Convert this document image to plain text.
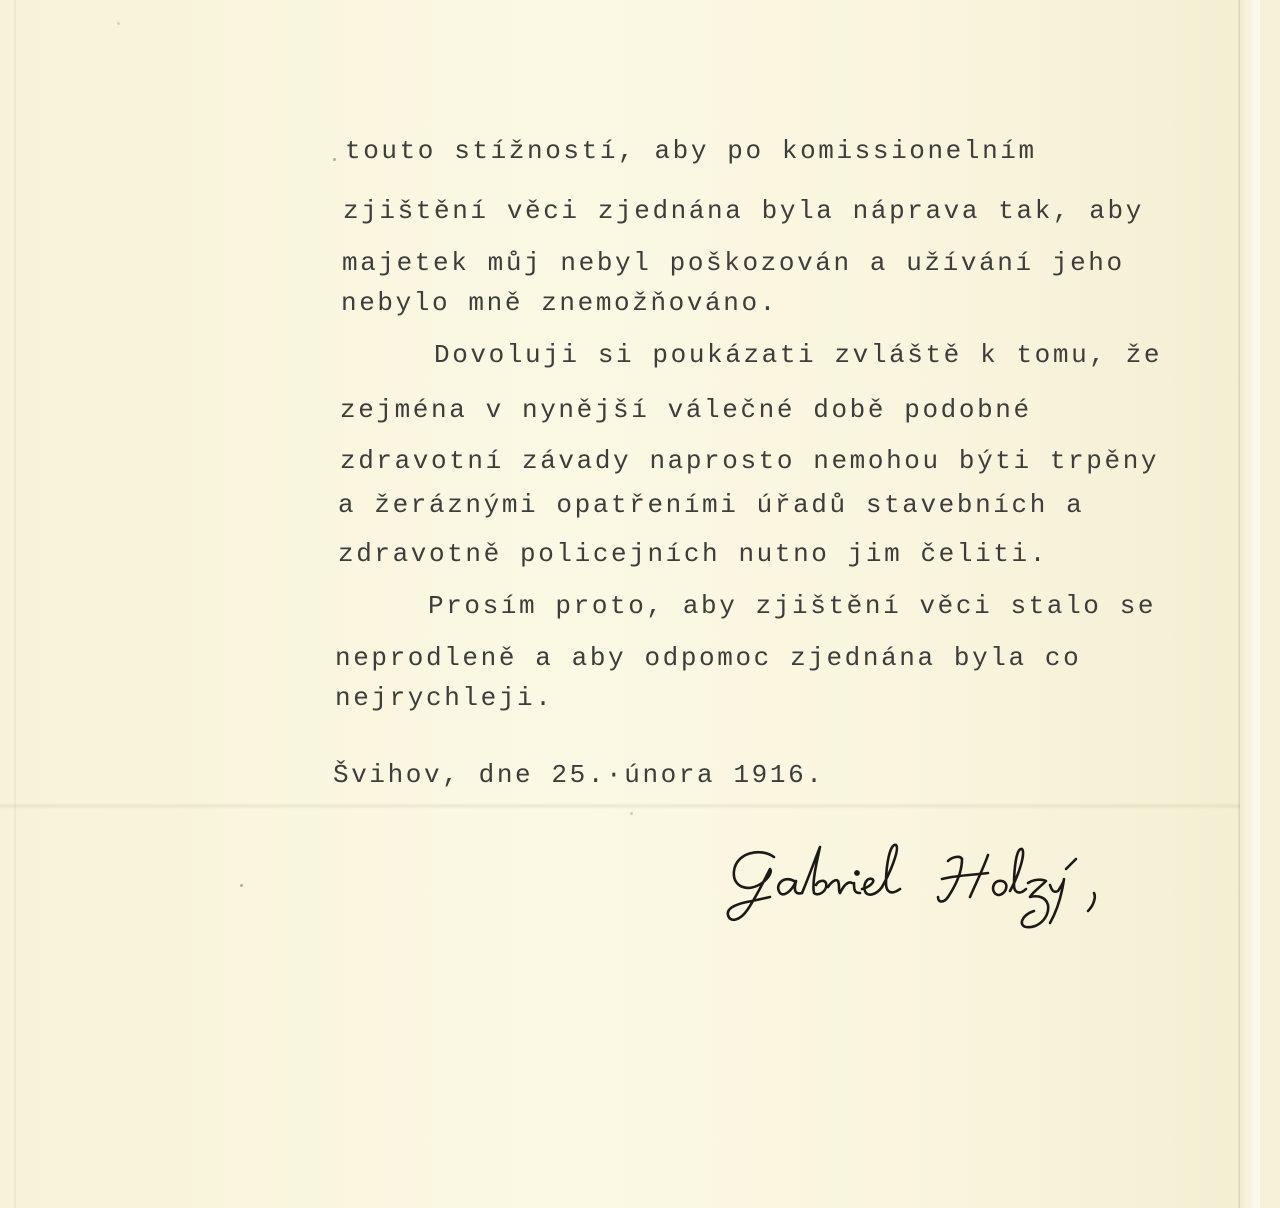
touto stížností, aby po komissionelním

zjištění věci zjednána byla náprava tak, aby

majetek můj nebyl poškozován a užívání jeho

nebylo mně znemožňováno.

Dovoluji si poukázati zvláště k tomu, že

zejména v nynější válečné době podobné

zdravotní závady naprosto nemohou býti trpěny

a žeráznými opatřeními úřadů stavebních a

zdravotně policejních nutno jim čeliti.

Prosím proto, aby zjištění věci stalo se

neprodleně a aby odpomoc zjednána byla co

nejrychleji.

Švihov, dne 25.·února 1916.
